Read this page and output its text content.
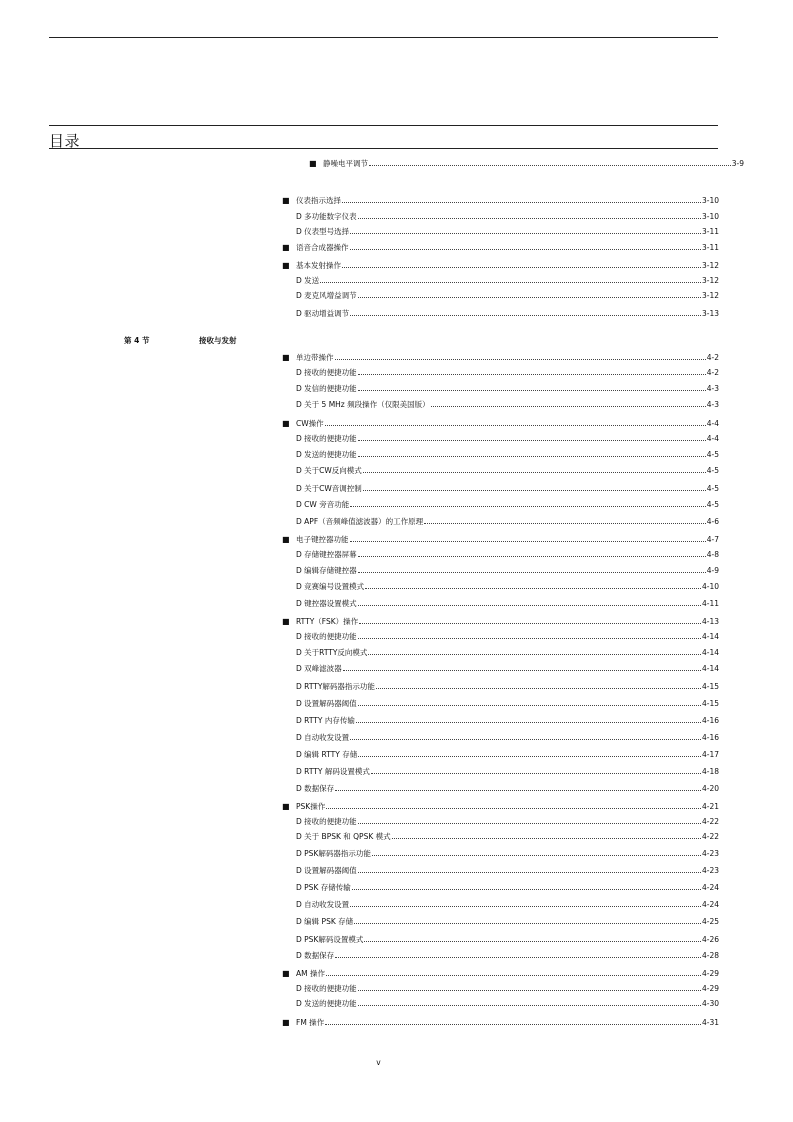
目录
第 4 节	接收与发射
■ 静噪电平调节	3-9
■ 仪表指示选择	3-10
D 多功能数字仪表	3-10
D 仪表型号选择	3-11
■ 语音合成器操作	3-11
■ 基本发射操作	3-12
D 发送	3-12
D 麦克风增益调节	3-12
D 驱动增益调节	3-13
■ 单边带操作	4-2
D 接收的便捷功能	4-2
D 发信的便捷功能	4-3
D 关于 5 MHz 频段操作（仅限美国版）	4-3
■ CW操作	4-4
D 接收的便捷功能	4-4
D 发送的便捷功能	4-5
D 关于CW反向模式	4-5
D 关于CW音调控制	4-5
D CW 旁音功能	4-5
D APF（音频峰值滤波器）的工作原理	4-6
■ 电子键控器功能	4-7
D 存储键控器屏幕	4-8
D 编辑存储键控器	4-9
D 竞赛编号设置模式	4-10
D 键控器设置模式	4-11
■ RTTY（FSK）操作	4-13
D 接收的便捷功能	4-14
D 关于RTTY反向模式	4-14
D 双峰滤波器	4-14
D RTTY解码器指示功能	4-15
D 设置解码器阈值	4-15
D RTTY 内存传输	4-16
D 自动收发设置	4-16
D 编辑 RTTY 存储	4-17
D RTTY 解码设置模式	4-18
D 数据保存	4-20
■ PSK操作	4-21
D 接收的便捷功能	4-22
D 关于 BPSK 和 QPSK 模式	4-22
D PSK解码器指示功能	4-23
D 设置解码器阈值	4-23
D PSK 存储传输	4-24
D 自动收发设置	4-24
D 编辑 PSK 存储	4-25
D PSK解码设置模式	4-26
D 数据保存	4-28
■ AM 操作	4-29
D 接收的便捷功能	4-29
D 发送的便捷功能	4-30
■ FM 操作	4-31
v
